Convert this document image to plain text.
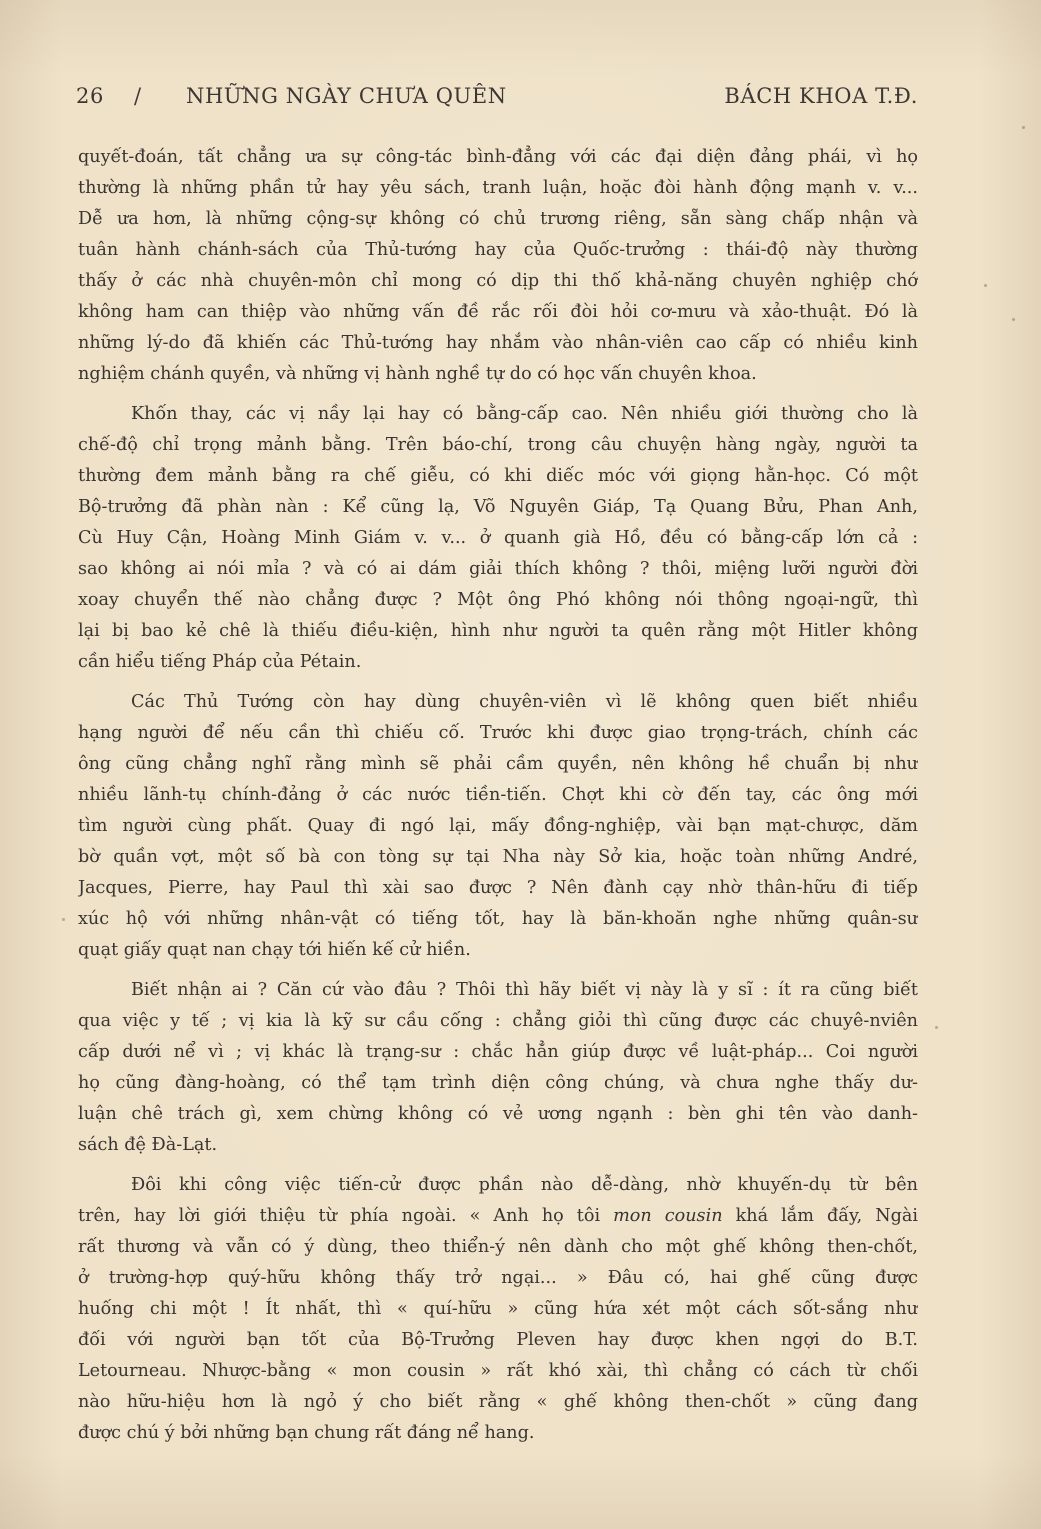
26 / NHỮNG NGÀY CHƯA QUÊN	BÁCH KHOA T.Đ.
quyết-đoán, tất chẳng ưa sự công-tác bình-đẳng với các đại diện đảng phái, vì họ
thường là những phần tử hay yêu sách, tranh luận, hoặc đòi hành động mạnh v. v...
Dễ ưa hơn, là những cộng-sự không có chủ trương riêng, sẵn sàng chấp nhận và
tuân hành chánh-sách của Thủ-tướng hay của Quốc-trưởng : thái-độ này thường
thấy ở các nhà chuyên-môn chỉ mong có dịp thi thố khả-năng chuyên nghiệp chớ
không ham can thiệp vào những vấn đề rắc rối đòi hỏi cơ-mưu và xảo-thuật. Đó là
những lý-do đã khiến các Thủ-tướng hay nhắm vào nhân-viên cao cấp có nhiều kinh
nghiệm chánh quyền, và những vị hành nghề tự do có học vấn chuyên khoa.
Khốn thay, các vị nầy lại hay có bằng-cấp cao. Nên nhiều giới thường cho là
chế-độ chỉ trọng mảnh bằng. Trên báo-chí, trong câu chuyện hàng ngày, người ta
thường đem mảnh bằng ra chế giễu, có khi diếc móc với giọng hằn-học. Có một
Bộ-trưởng đã phàn nàn : Kể cũng lạ, Võ Nguyên Giáp, Tạ Quang Bửu, Phan Anh,
Cù Huy Cận, Hoàng Minh Giám v. v... ở quanh già Hồ, đều có bằng-cấp lớn cả :
sao không ai nói mỉa ? và có ai dám giải thích không ? thôi, miệng lưỡi người đời
xoay chuyển thế nào chẳng được ? Một ông Phó không nói thông ngoại-ngữ, thì
lại bị bao kẻ chê là thiếu điều-kiện, hình như người ta quên rằng một Hitler không
cần hiểu tiếng Pháp của Pétain.
Các Thủ Tướng còn hay dùng chuyên-viên vì lẽ không quen biết nhiều
hạng người để nếu cần thì chiếu cố. Trước khi được giao trọng-trách, chính các
ông cũng chẳng nghĩ rằng mình sẽ phải cầm quyền, nên không hề chuẩn bị như
nhiều lãnh-tụ chính-đảng ở các nước tiền-tiến. Chợt khi cờ đến tay, các ông mới
tìm người cùng phất. Quay đi ngó lại, mấy đồng-nghiệp, vài bạn mạt-chược, dăm
bờ quần vợt, một số bà con tòng sự tại Nha này Sở kia, hoặc toàn những André,
Jacques, Pierre, hay Paul thì xài sao được ? Nên đành cạy nhờ thân-hữu đi tiếp
xúc hộ với những nhân-vật có tiếng tốt, hay là băn-khoăn nghe những quân-sư
quạt giấy quạt nan chạy tới hiến kế cử hiền.
Biết nhận ai ? Căn cứ vào đâu ? Thôi thì hãy biết vị này là y sĩ : ít ra cũng biết
qua việc y tế ; vị kia là kỹ sư cầu cống : chẳng giỏi thì cũng được các chuyê-nviên
cấp dưới nể vì ; vị khác là trạng-sư : chắc hẳn giúp được về luật-pháp... Coi người
họ cũng đàng-hoàng, có thể tạm trình diện công chúng, và chưa nghe thấy dư-
luận chê trách gì, xem chừng không có vẻ ương ngạnh : bèn ghi tên vào danh-
sách đệ Đà-Lạt.
Đôi khi công việc tiến-cử được phần nào dễ-dàng, nhờ khuyến-dụ từ bên
trên, hay lời giới thiệu từ phía ngoài. « Anh họ tôi mon cousin khá lắm đấy, Ngài
rất thương và vẫn có ý dùng, theo thiển-ý nên dành cho một ghế không then-chốt,
ở trường-hợp quý-hữu không thấy trở ngại... » Đâu có, hai ghế cũng được
huống chi một ! Ít nhất, thì « quí-hữu » cũng hứa xét một cách sốt-sắng như
đối với người bạn tốt của Bộ-Trưởng Pleven hay được khen ngợi do B.T.
Letourneau. Nhược-bằng « mon cousin » rất khó xài, thì chẳng có cách từ chối
nào hữu-hiệu hơn là ngỏ ý cho biết rằng « ghế không then-chốt » cũng đang
được chú ý bởi những bạn chung rất đáng nể hang.
